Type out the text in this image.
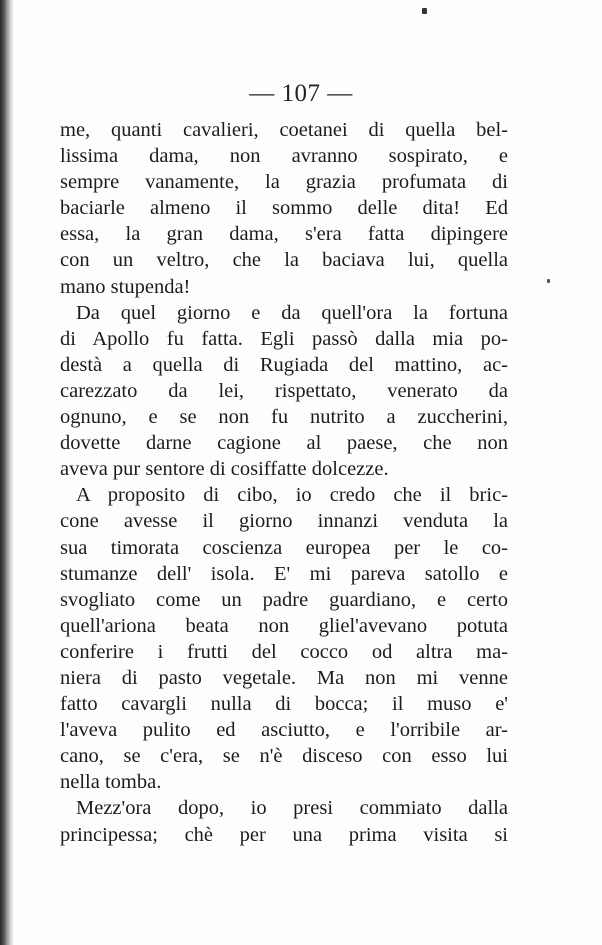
— 107 —
me, quanti cavalieri, coetanei di quella bel-
lissima dama, non avranno sospirato, e
sempre vanamente, la grazia profumata di
baciarle almeno il sommo delle dita! Ed
essa, la gran dama, s'era fatta dipingere
con un veltro, che la baciava lui, quella
mano stupenda!
Da quel giorno e da quell'ora la fortuna
di Apollo fu fatta. Egli passò dalla mia po-
destà a quella di Rugiada del mattino, ac-
carezzato da lei, rispettato, venerato da
ognuno, e se non fu nutrito a zuccherini,
dovette darne cagione al paese, che non
aveva pur sentore di cosiffatte dolcezze.
A proposito di cibo, io credo che il bric-
cone avesse il giorno innanzi venduta la
sua timorata coscienza europea per le co-
stumanze dell' isola. E' mi pareva satollo e
svogliato come un padre guardiano, e certo
quell'ariona beata non gliel'avevano potuta
conferire i frutti del cocco od altra ma-
niera di pasto vegetale. Ma non mi venne
fatto cavargli nulla di bocca; il muso e'
l'aveva pulito ed asciutto, e l'orribile ar-
cano, se c'era, se n'è disceso con esso lui
nella tomba.
Mezz'ora dopo, io presi commiato dalla
principessa; chè per una prima visita si
